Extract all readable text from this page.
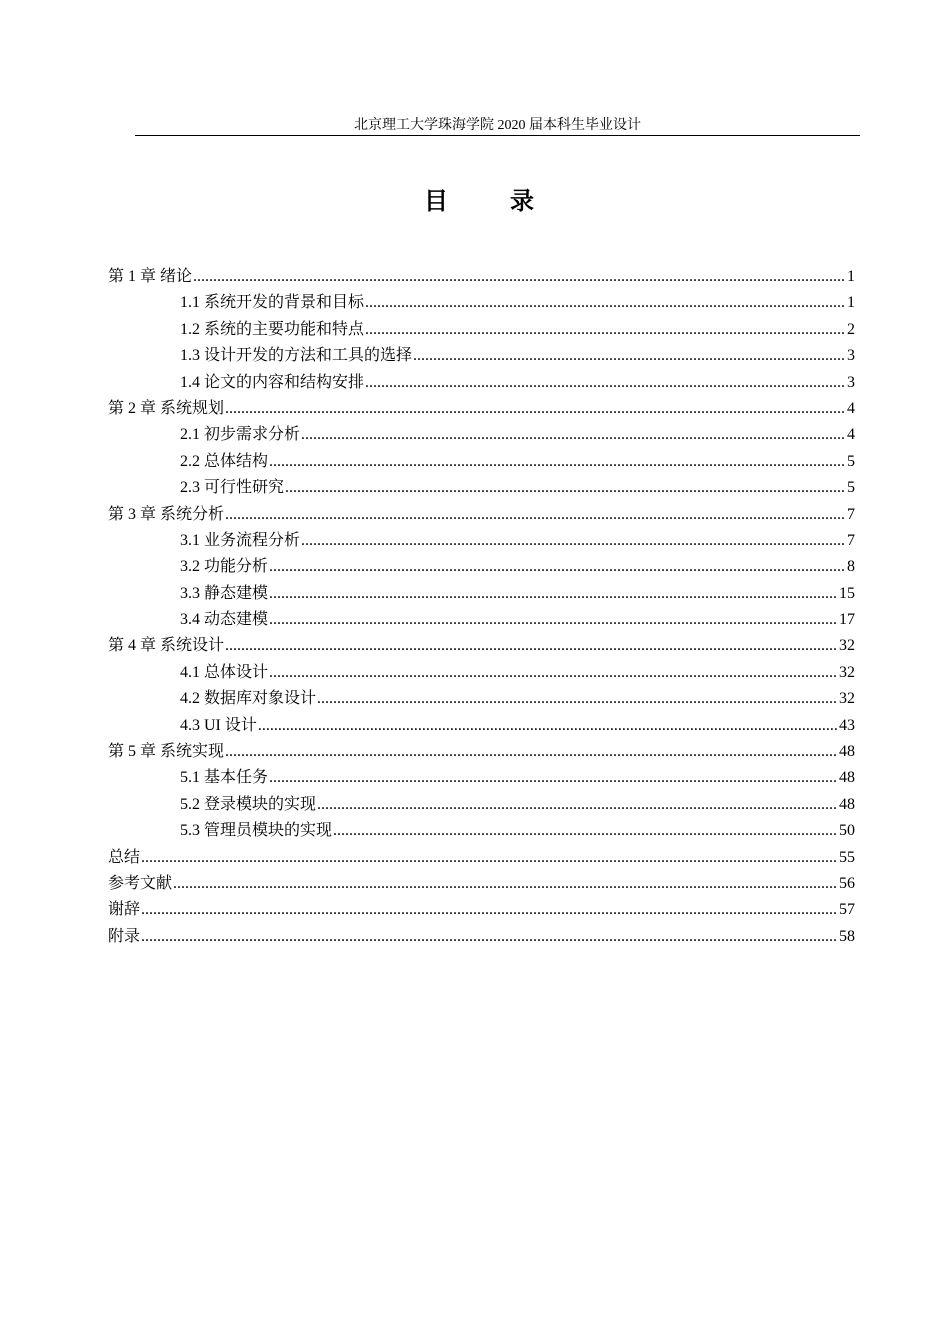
北京理工大学珠海学院 2020 届本科生毕业设计
目 录
第 1 章 绪论 .....	1
1.1 系统开发的背景和目标 .....	1
1.2 系统的主要功能和特点 .....	2
1.3 设计开发的方法和工具的选择 .....	3
1.4 论文的内容和结构安排 .....	3
第 2 章 系统规划 .....	4
2.1 初步需求分析 .....	4
2.2 总体结构 .....	5
2.3 可行性研究 .....	5
第 3 章 系统分析 .....	7
3.1 业务流程分析 .....	7
3.2 功能分析 .....	8
3.3 静态建模 .....	15
3.4 动态建模 .....	17
第 4 章 系统设计 .....	32
4.1 总体设计 .....	32
4.2 数据库对象设计 .....	32
4.3 UI 设计 .....	43
第 5 章 系统实现 .....	48
5.1 基本任务 .....	48
5.2 登录模块的实现 .....	48
5.3 管理员模块的实现 .....	50
总结 .....	55
参考文献 .....	56
谢辞 .....	57
附录 .....	58
